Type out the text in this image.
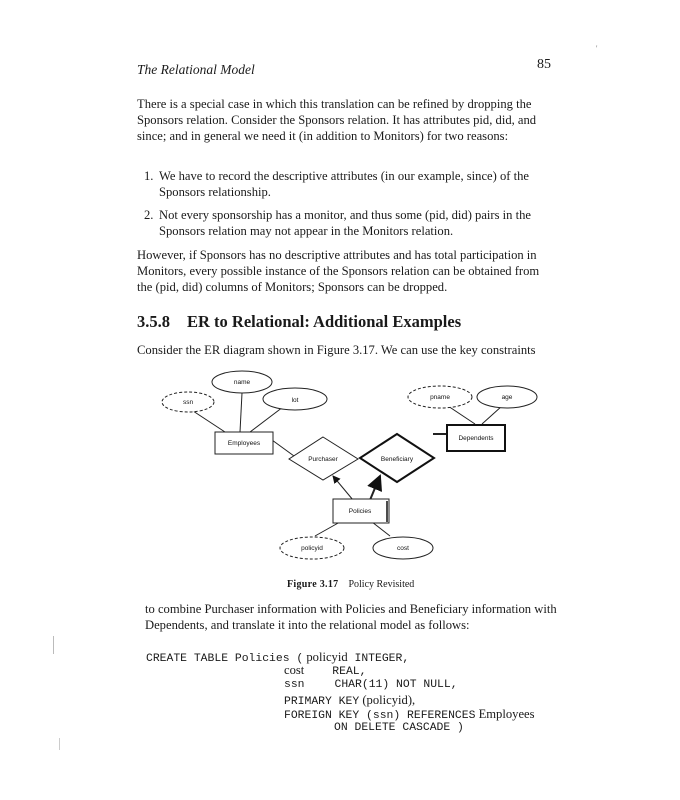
The Relational Model	85
'
There is a special case in which this translation can be refined by dropping the Sponsors relation. Consider the Sponsors relation. It has attributes pid, did, and since; and in general we need it (in addition to Monitors) for two reasons:
1. We have to record the descriptive attributes (in our example, since) of the Sponsors relationship.
2. Not every sponsorship has a monitor, and thus some (pid, did) pairs in the Sponsors relation may not appear in the Monitors relation.
However, if Sponsors has no descriptive attributes and has total participation in Monitors, every possible instance of the Sponsors relation can be obtained from the (pid, did) columns of Monitors; Sponsors can be dropped.
3.5.8 ER to Relational: Additional Examples
Consider the ER diagram shown in Figure 3.17. We can use the key constraints
name
ssn	lot	pname	age
policyid	cost
Employees
Dependents
Policies
Purchaser	Beneficiary
Figure 3.17 Policy Revisited
to combine Purchaser information with Policies and Beneficiary information with Dependents, and translate it into the relational model as follows:
CREATE TABLE Policies ( policyid INTEGER,
cost REAL,
ssn	CHAR(11) NOT NULL,
PRIMARY KEY (policyid),
FOREIGN KEY (ssn) REFERENCES Employees
ON DELETE CASCADE )
